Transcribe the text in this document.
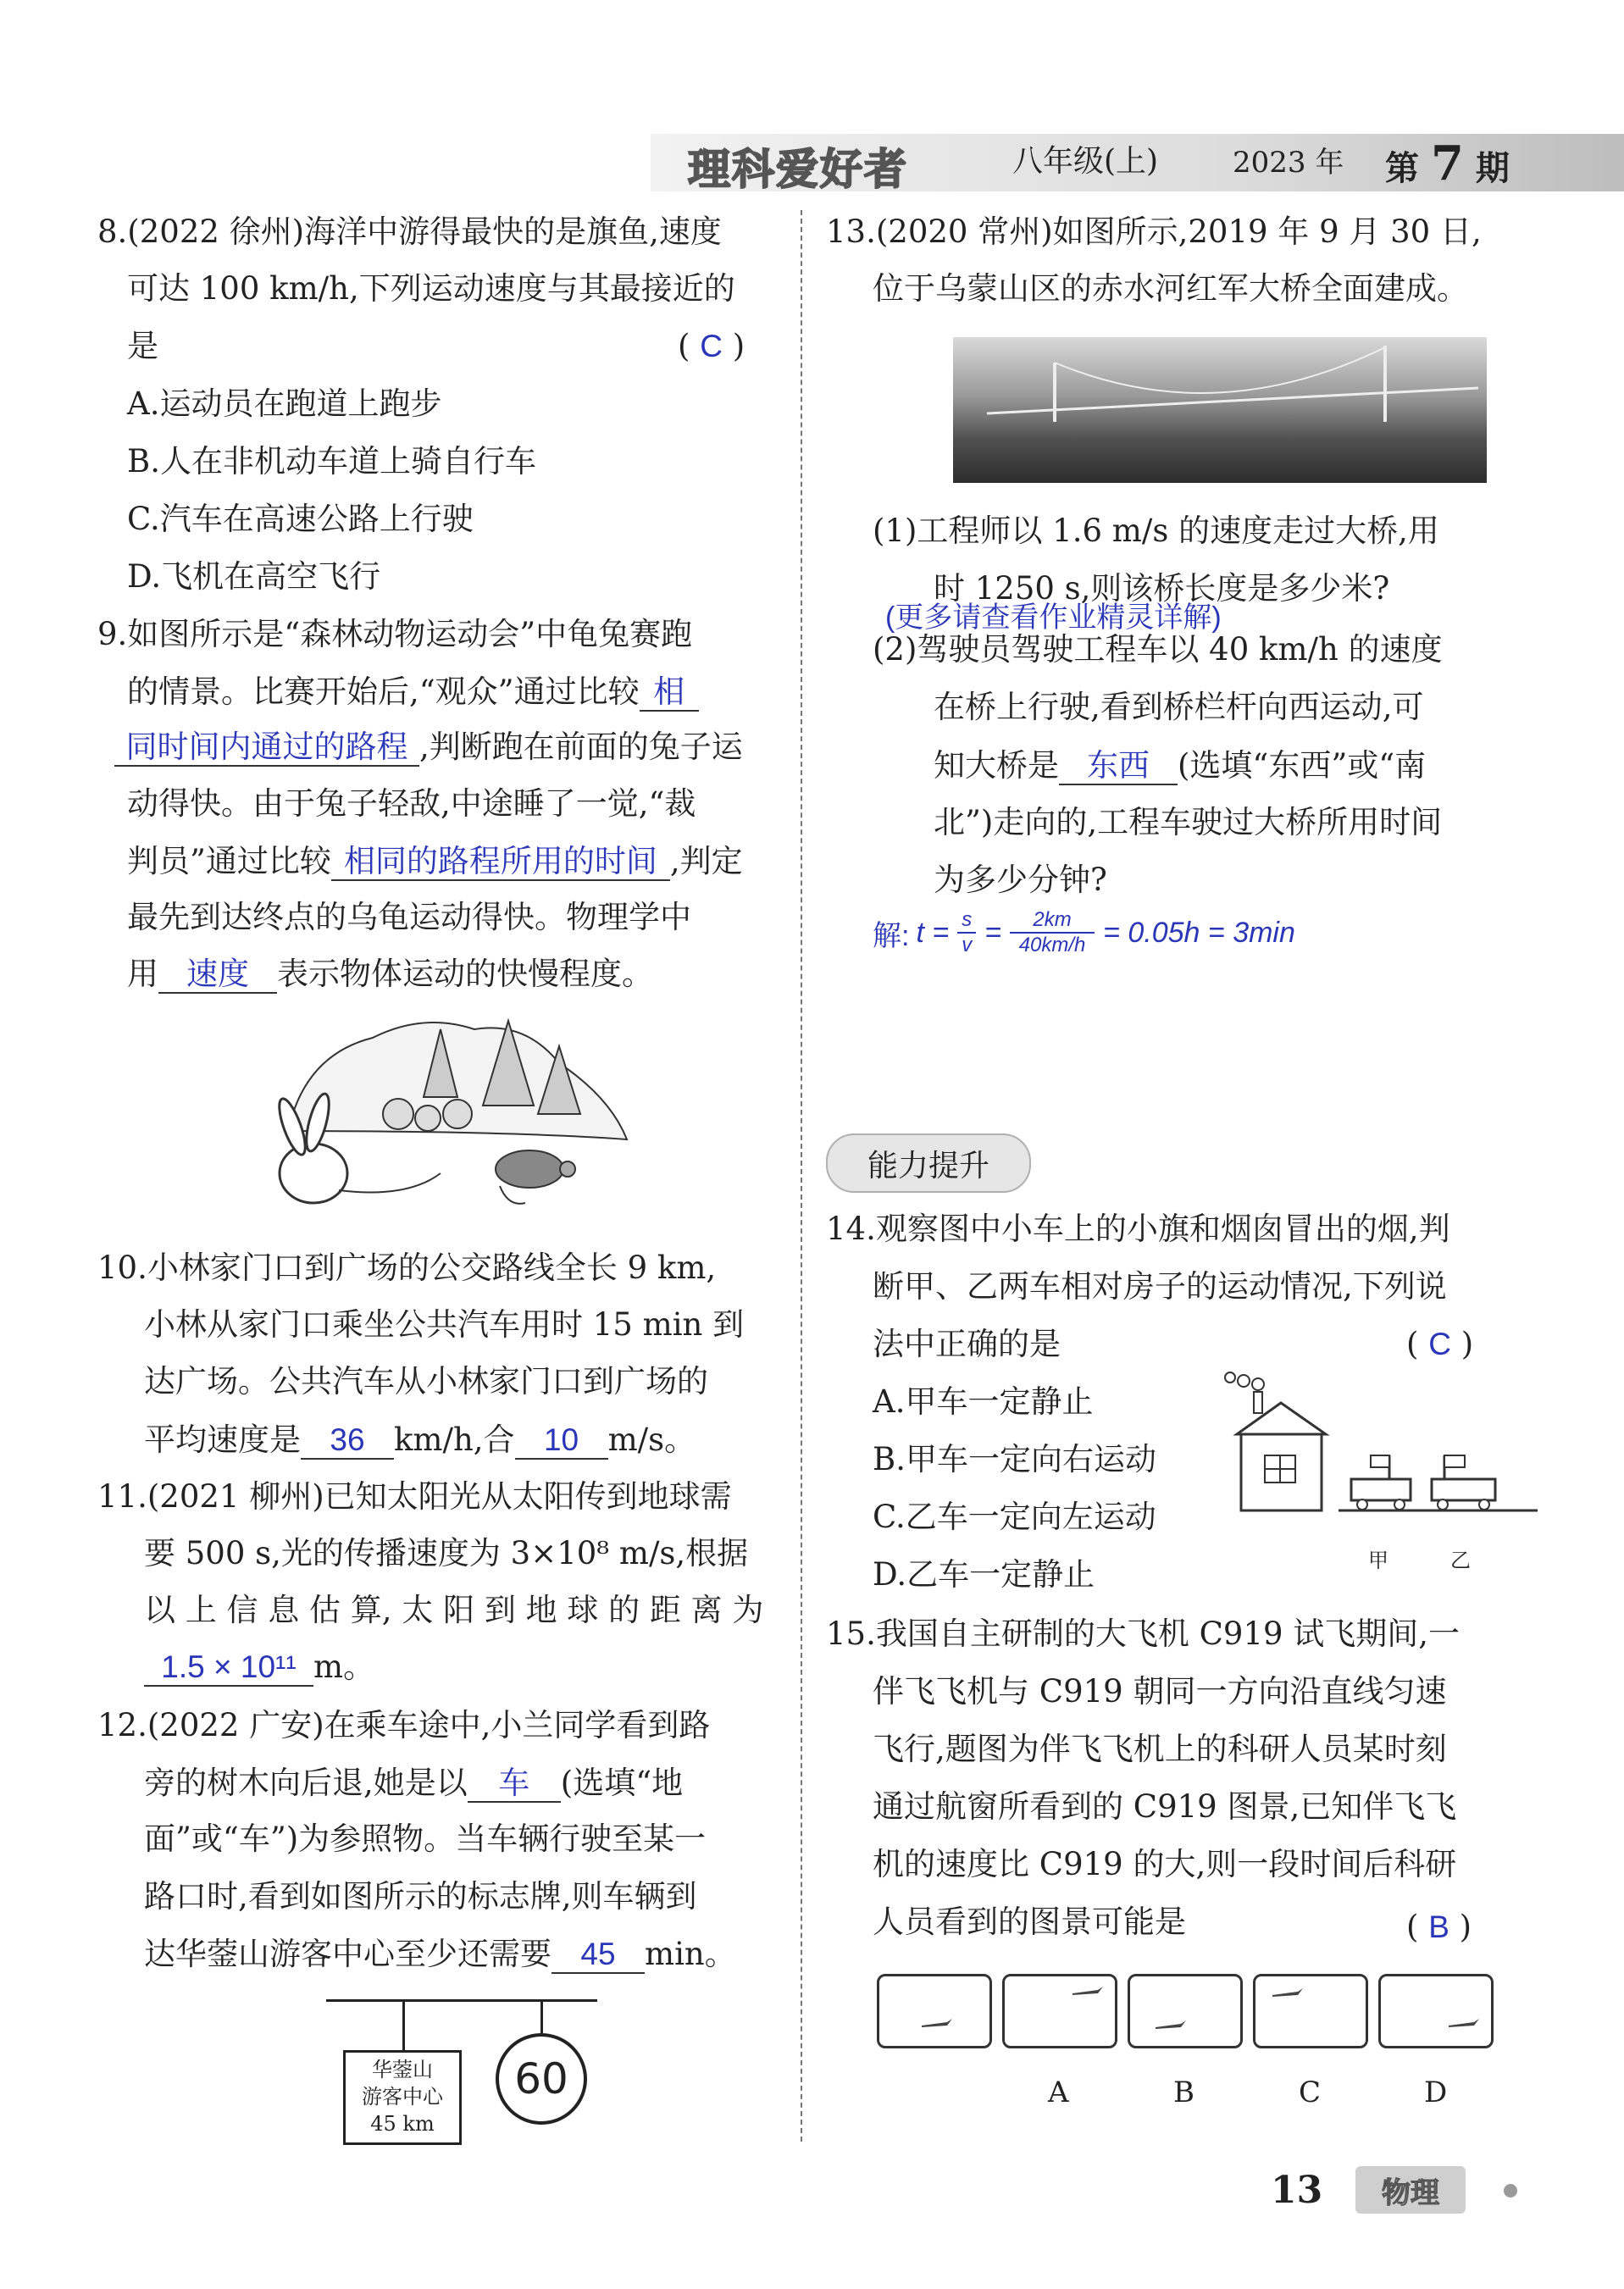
理科爱好者	八年级(上)	2023 年 第 7 期
8.(2022 徐州)海洋中游得最快的是旗鱼,速度
可达 100 km/h,下列运动速度与其最接近的
是	( C )
A.运动员在跑道上跑步
B.人在非机动车道上骑自行车
C.汽车在高速公路上行驶
D.飞机在高空飞行
9.如图所示是“森林动物运动会”中龟兔赛跑
的情景。比赛开始后,“观众”通过比较 相
同时间内通过的路程 ,判断跑在前面的兔子运
动得快。由于兔子轻敌,中途睡了一觉,“裁
判员”通过比较 相同的路程所用的时间 ,判定
最先到达终点的乌龟运动得快。物理学中
用 速度 表示物体运动的快慢程度。
10.小林家门口到广场的公交路线全长 9 km,
小林从家门口乘坐公共汽车用时 15 min 到
达广场。公共汽车从小林家门口到广场的
平均速度是 36 km/h,合 10 m/s。
11.(2021 柳州)已知太阳光从太阳传到地球需
要 500 s,光的传播速度为 3×10⁸ m/s,根据
以 上 信 息 估 算, 太 阳 到 地 球 的 距 离 为
1.5 × 10¹¹ m。
12.(2022 广安)在乘车途中,小兰同学看到路
旁的树木向后退,她是以 车 (选填“地
面”或“车”)为参照物。当车辆行驶至某一
路口时,看到如图所示的标志牌,则车辆到
达华蓥山游客中心至少还需要 45 min。
华蓥山
游客中心
45 km
60
13.(2020 常州)如图所示,2019 年 9 月 30 日,
位于乌蒙山区的赤水河红军大桥全面建成。
(1)工程师以 1.6 m/s 的速度走过大桥,用
时 1250 s,则该桥长度是多少米?
(更多请查看作业精灵详解)
(2)驾驶员驾驶工程车以 40 km/h 的速度
在桥上行驶,看到桥栏杆向西运动,可
知大桥是 东西 (选填“东西”或“南
北”)走向的,工程车驶过大桥所用时间
为多少分钟?
解: t = s
v = 2km
40km/h = 0.05h = 3min
能力提升
14.观察图中小车上的小旗和烟囱冒出的烟,判
断甲、乙两车相对房子的运动情况,下列说
法中正确的是	( C )
A.甲车一定静止
B.甲车一定向右运动
C.乙车一定向左运动
D.乙车一定静止	甲	乙
15.我国自主研制的大飞机 C919 试飞期间,一
伴飞飞机与 C919 朝同一方向沿直线匀速
飞行,题图为伴飞飞机上的科研人员某时刻
通过航窗所看到的 C919 图景,已知伴飞飞
机的速度比 C919 的大,则一段时间后科研
人员看到的图景可能是	( B )
A	B	C	D
13 物理
